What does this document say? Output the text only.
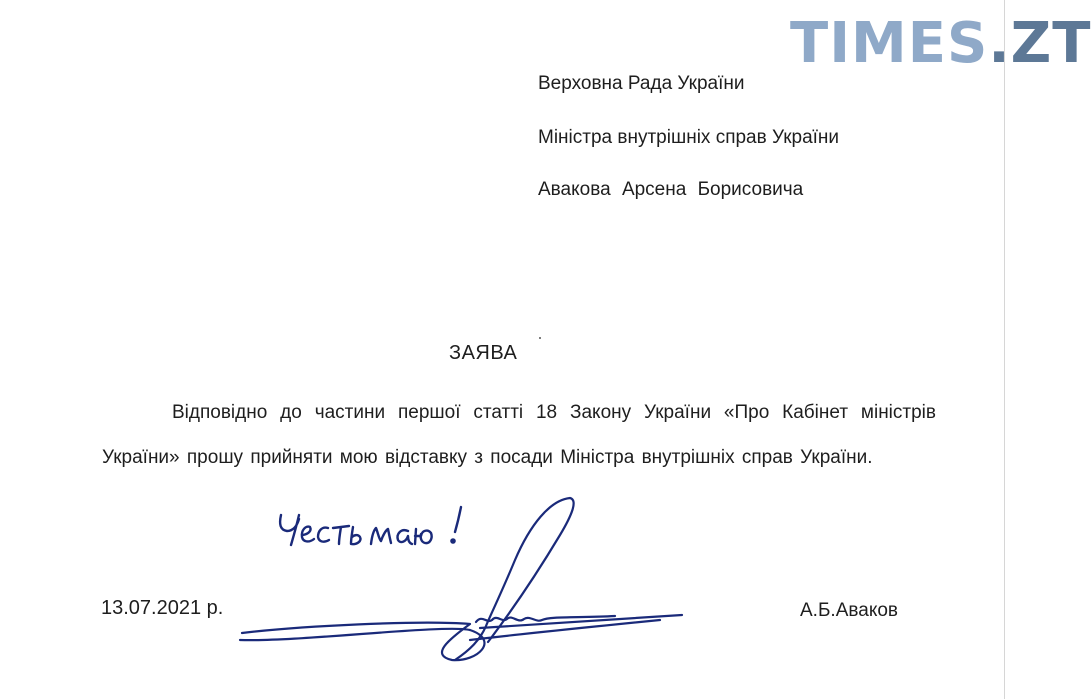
TIMES.ZT
Верховна Рада України
Міністра внутрішніх справ України
Авакова Арсена Борисовича
ЗАЯВА
Відповідно до частини першої статті 18 Закону України «Про Кабінет міністрів України» прошу прийняти мою відставку з посади Міністра внутрішніх справ України.
13.07.2021 р.	А.Б.Аваков
